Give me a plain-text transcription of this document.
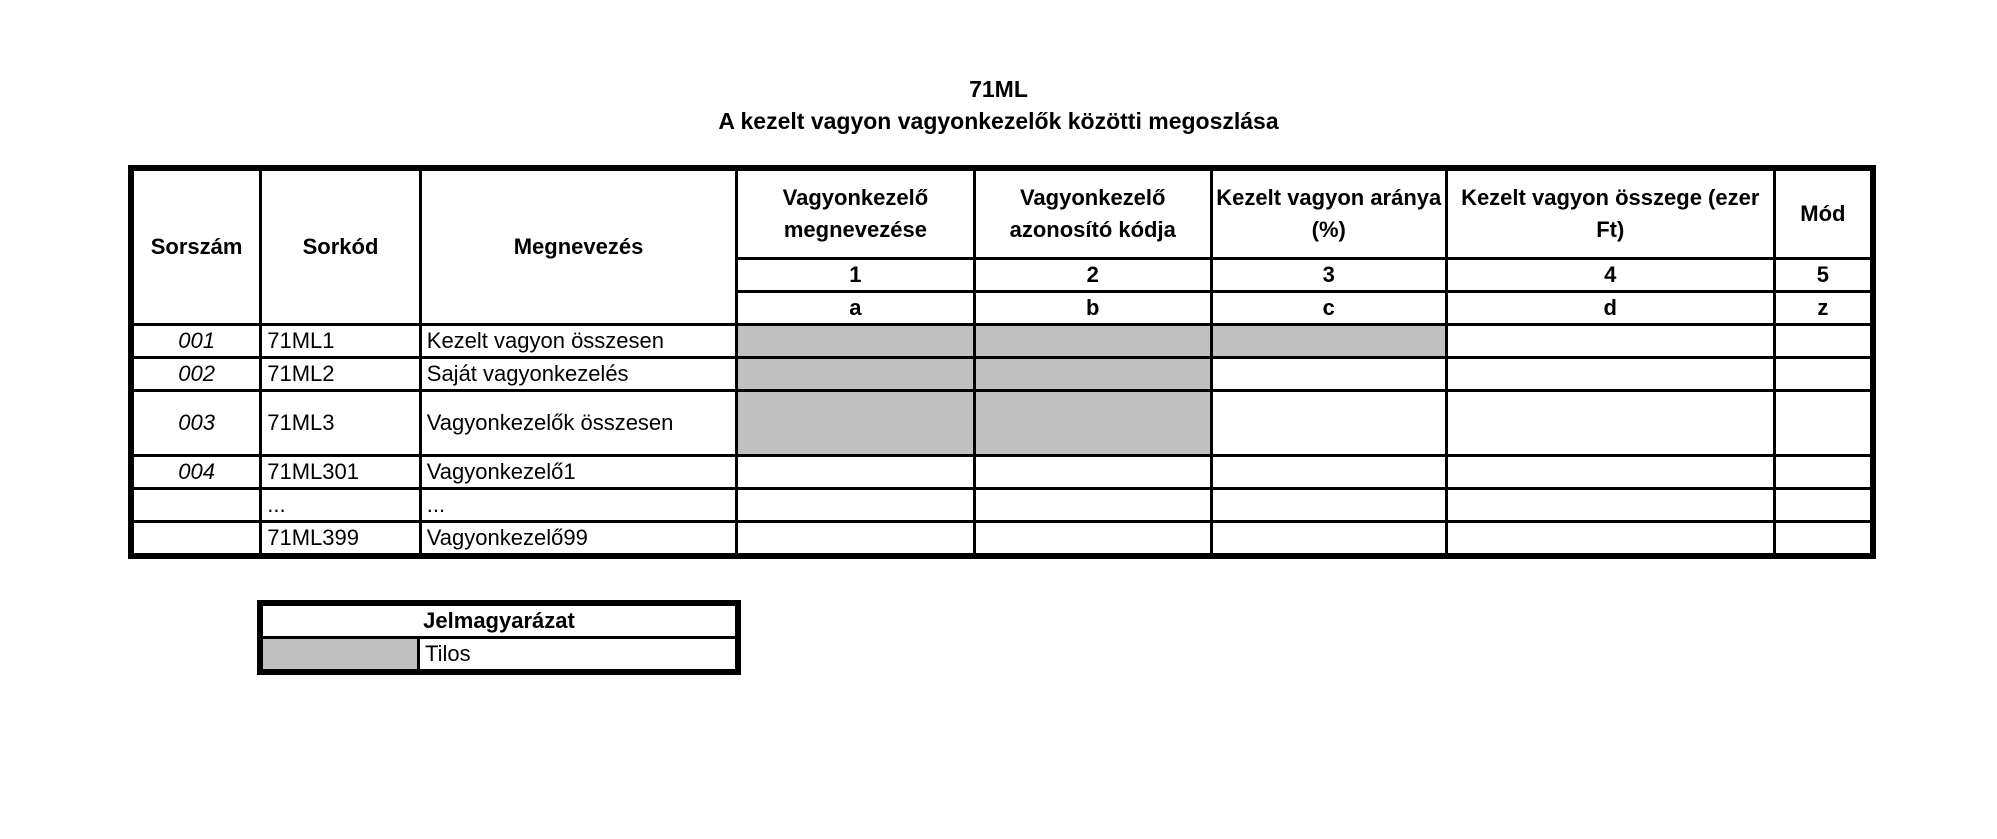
71ML
A kezelt vagyon vagyonkezelők közötti megoszlása
Sorszám	Sorkód	Megnevezés	Vagyonkezelő megnevezése	Vagyonkezelő azonosító kódja	Kezelt vagyon aránya (%)	Kezelt vagyon összege (ezer Ft)	Mód
			1	2	3	4	5
			a	b	c	d	z
001	71ML1	Kezelt vagyon összesen					
002	71ML2	Saját vagyonkezelés					
003	71ML3	Vagyonkezelők összesen					
004	71ML301	Vagyonkezelő1					
	...	...					
	71ML399	Vagyonkezelő99					
Jelmagyarázat
	Tilos
